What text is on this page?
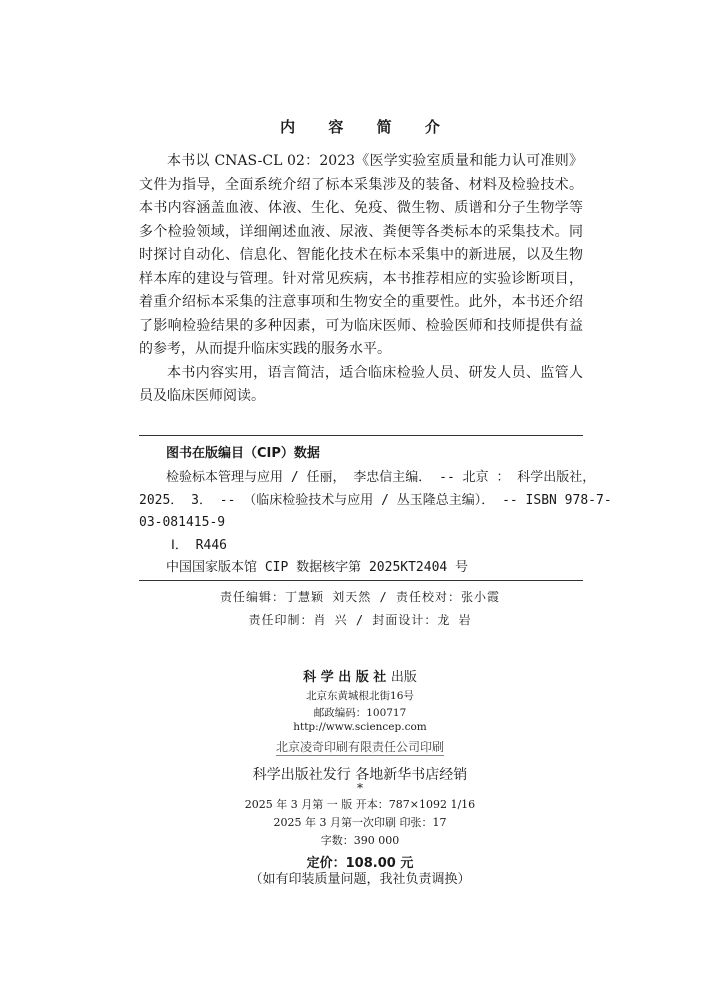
内 容 简 介

本书以 CNAS-CL 02：2023《医学实验室质量和能力认可准则》文件为指导，全面系统介绍了标本采集涉及的装备、材料及检验技术。本书内容涵盖血液、体液、生化、免疫、微生物、质谱和分子生物学等多个检验领域，详细阐述血液、尿液、粪便等各类标本的采集技术。同时探讨自动化、信息化、智能化技术在标本采集中的新进展，以及生物样本库的建设与管理。针对常见疾病，本书推荐相应的实验诊断项目，着重介绍标本采集的注意事项和生物安全的重要性。此外，本书还介绍了影响检验结果的多种因素，可为临床医师、检验医师和技师提供有益的参考，从而提升临床实践的服务水平。

本书内容实用，语言简洁，适合临床检验人员、研发人员、监管人员及临床医师阅读。

图书在版编目（CIP）数据
检验标本管理与应用 / 任丽， 李忠信主编． -- 北京 ： 科学出版社，
2025． 3． -- （临床检验技术与应用 / 丛玉隆总主编）． -- ISBN 978-7-
03-081415-9
Ⅰ． R446
中国国家版本馆 CIP 数据核字第 2025KT2404 号
责任编辑：丁慧颖 刘天然 / 责任校对：张小霞
责任印制：肖 兴 / 封面设计：龙 岩
科 学 出 版 社 出版
北京东黄城根北街16号
邮政编码：100717
http://www.sciencep.com
北京凌奇印刷有限责任公司印刷
科学出版社发行 各地新华书店经销
*
2025 年 3 月第 一 版 开本：787×1092 1/16
2025 年 3 月第一次印刷 印张：17
字数：390 000
定价：108.00 元
（如有印装质量问题，我社负责调换）
